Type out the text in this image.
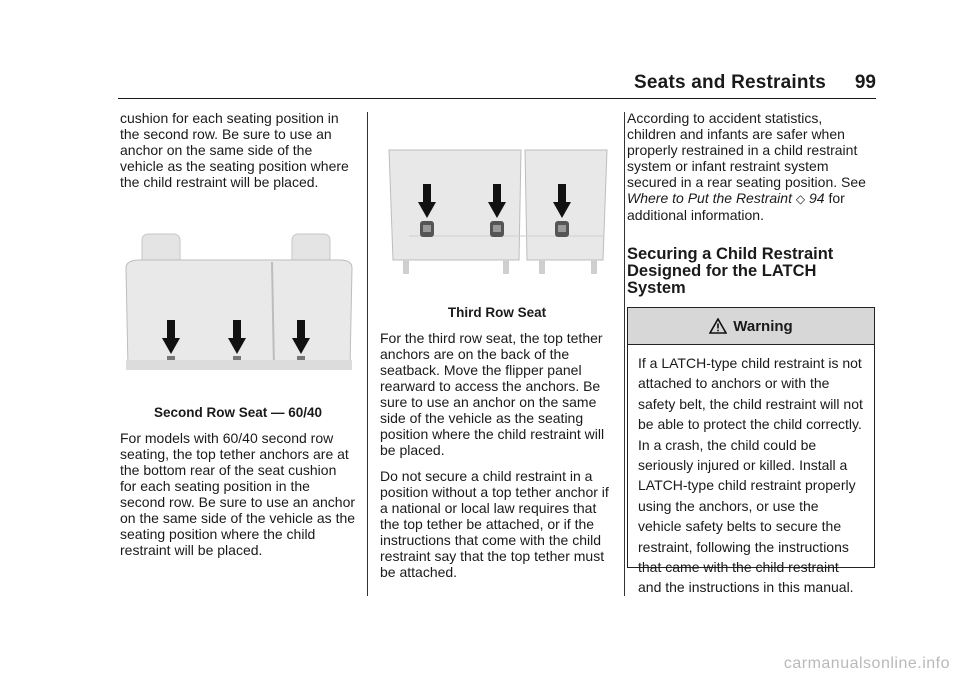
Seats and Restraints	99

cushion for each seating position in the second row. Be sure to use an anchor on the same side of the vehicle as the seating position where the child restraint will be placed.

Second Row Seat — 60/40

For models with 60/40 second row seating, the top tether anchors are at the bottom rear of the seat cushion for each seating position in the second row. Be sure to use an anchor on the same side of the vehicle as the seating position where the child restraint will be placed.

Third Row Seat

For the third row seat, the top tether anchors are on the back of the seatback. Move the flipper panel rearward to access the anchors. Be sure to use an anchor on the same side of the vehicle as the seating position where the child restraint will be placed.

Do not secure a child restraint in a position without a top tether anchor if a national or local law requires that the top tether be attached, or if the instructions that come with the child restraint say that the top tether must be attached.

According to accident statistics, children and infants are safer when properly restrained in a child restraint system or infant restraint system secured in a rear seating position. See Where to Put the Restraint ◇ 94 for additional information.

Securing a Child Restraint Designed for the LATCH System
Warning
If a LATCH-type child restraint is not attached to anchors or with the safety belt, the child restraint will not be able to protect the child correctly. In a crash, the child could be seriously injured or killed. Install a LATCH-type child restraint properly using the anchors, or use the vehicle safety belts to secure the restraint, following the instructions that came with the child restraint and the instructions in this manual.
carmanualsonline.info
